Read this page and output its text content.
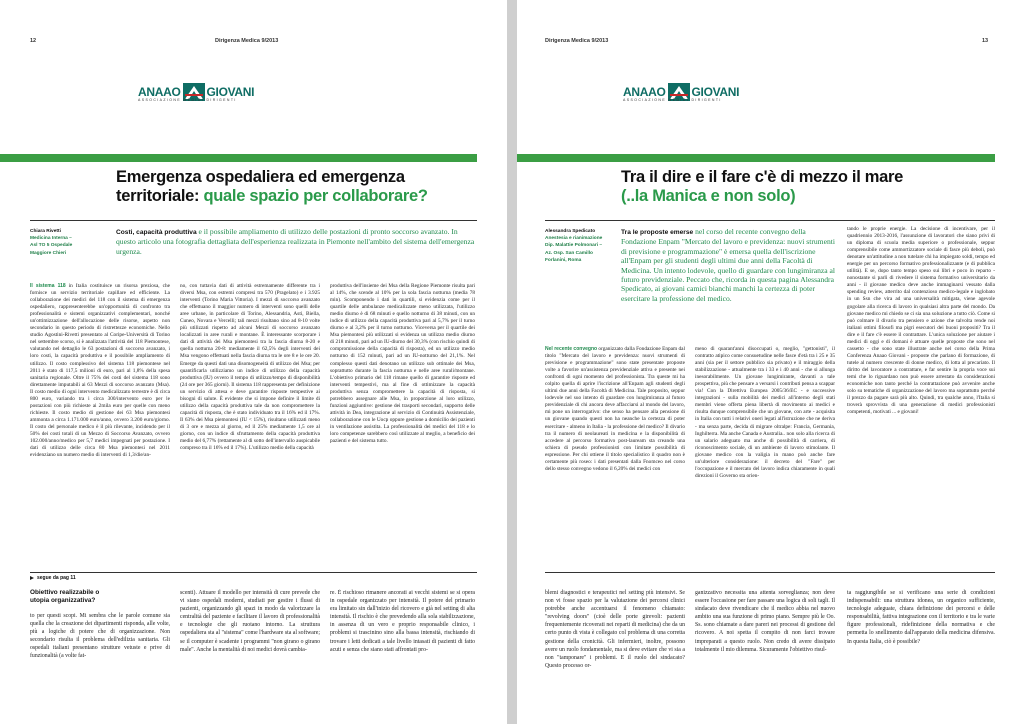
12	Dirigenza Medica 9/2013
ANAAO GIOVANI
ASSOCIAZIONE MEDICI DIRIGENTI
Emergenza ospedaliera ed emergenza
territoriale: quale spazio per collaborare?
Chiara Rivetti
Medicina Interna –
Asl TO 5 Ospedale
Maggiore Chieri
Costi, capacità produttiva e il possibile ampliamento di utilizzo delle postazioni di pronto soccorso avanzato. In questo articolo una fotografia dettagliata dell'esperienza realizzata in Piemonte nell'ambito del sistema dell'emergenza urgenza.
Il sistema 118 in Italia costituisce un risorsa preziosa, che fornisce un servizio territoriale capillare ed efficiente. La collaborazione dei medici del 118 con il sistema di emergenza ospedaliero, rappresenterebbe un'opportunità di confronto tra professionalità e sistemi organizzativi complementari, nonché un'ottimizzazione dell'allocazione delle risorse, aspetto non secondario in questo periodo di ristrettezze economiche. Nello studio Agostini-Rivetti presentato al Coripe-Università di Torino nel settembre scorso, si è analizzata l'attività del 118 Piemontese, valutando nel dettaglio le 63 postazioni di soccorso avanzato, i loro costi, la capacità produttiva e il possibile ampliamento di utilizzo. Il costo complessivo del sistema 118 piemontese nel 2011 è stato di 117,5 milioni di euro, pari al 1,8% della spesa sanitaria regionale. Oltre il 75% dei costi del sistema 118 sono direttamente imputabili ai 63 Mezzi di soccorso avanzato (Msa). Il costo medio di ogni intervento medicalizzato terrestre è di circa 800 euro, variando tra i circa 300/intervento euro per le postazioni con più richieste ai 2mila euro per quelle con meno richieste. Il costo medio di gestione dei 63 Msa piemontesi ammonta a circa 1.171.000 euro/anno, ovvero 3.200 euro/giorno. Il costo del personale medico è il più rilevante, incidendo per il 50% dei costi totali di un Mezzo di Soccorso Avanzato, ovvero 102.000/anno/medico per 5,7 medici impegnati per postazione. I dati di utilizzo delle circa 80 Msa piemontesi nel 2011 evidenziano un numero medio di interventi di 1,3/die/an-
no, con tuttavia dati di attività estremamente differente tra i diversi Msa, con estremi compresi tra 570 (Pragelato) e i 3.925 interventi (Torino Maria Vittoria). I mezzi di soccorso avanzato che effettuano il maggior numero di interventi sono quelli delle aree urbane, in particolare di Torino, Alessandria, Asti, Biella, Cuneo, Novara e Vercelli; tali mezzi risultano sino ad 8-10 volte più utilizzati rispetto ad alcuni Mezzi di soccorso avanzato localizzati in aree rurali e montane. È interessante scorporare i dati di attività dei Msa piemontesi tra la fascia diurna 8-20 e quella notturna 20-8: mediamente il 62,5% degli interventi dei Msa vengono effettuati nella fascia diurna tra le ore 8 e le ore 20. Emerge da questi dati una disomogeneità di utilizzo dei Msa; per quantificarla utilizziamo un indice di utilizzo della capacità produttiva (IU) ovvero il tempo di utilizzo/tempo di disponibilità (24 ore per 365 giorni). Il sistema 118 rappresenta per definizione un servizio di attesa e deve garantire risposte tempestive ai bisogni di salute. È evidente che si impone definire il limite di utilizzo della capacità produttiva tale da non compromettere la capacità di risposta, che è stato individuato tra il 16% ed il 17%. Il 63% dei Msa piemontesi (IU < 15%), risultano utilizzati meno di 3 ore e mezza al giorno, ed il 25% mediamente 1,5 ore al giorno, con un indice di sfruttamento della capacità produttiva medio del 6,77% (rettamente al di sotto dell'intervallo auspicabile compreso tra il 16% ed il 17%). L'utilizzo medio della capacità
produttiva dell'insieme dei Msa della Regione Piemonte risulta pari al 14%, che scende al 10% per la sola fascia notturna (media 78 min). Scomponendo i dati in quartili, si evidenzia come per il quartile delle ambulanze medicalizzate meno utilizzata, l'utilizzo medio diurno è di 68 minuti e quello notturno di 38 minuti, con un indice di utilizzo della capacità produttiva pari al 5,7% per il turno diurno e al 3,2% per il turno notturno. Viceversa per il quartile dei Msa piemontesi più utilizzati si evidenza un utilizzo medio diurno di 218 minuti, pari ad un IU-diurno del 30,3% (con rischio quindi di compromissione della capacità di risposta), ed un utilizzo medio notturno di 152 minuti, pari ad un IU-notturno del 21,1%. Nel complesso questi dati denotano un utilizzo sub ottimale dei Msa, soprattutto durante la fascia notturna e nelle aree rurali/montane. L'obiettivo primario del 118 rimane quello di garantire risposte ed interventi tempestivi, ma al fine di ottimizzare la capacità produttiva senza compromettere la capacità di risposta, si potrebbero assegnare alle Msa, in proporzione al loro utilizzo, funzioni aggiuntive: gestione dei trasporti secondari, supporto delle attività in Dea, integrazione al servizio di Continuità Assistenziale, collaborazione con le Uocp oppure gestione a domicilio dei pazienti in ventilazione assistita. La professionalità dei medici del 118 e lo loro competenze sarebbero così utilizzate al meglio, a beneficio dei pazienti e del sistema tutto.
segue da pag 11
Obiettivo realizzabile o utopia organizzativa?
to per questi scopi. Mi sembra che le parole comune sia quella che la creazione dei dipartimenti risponda, alle volte, più a logiche di potere che di organizzazione. Non secondario risulta il problema dell'edilizia sanitaria. Gli ospedali italiani presentano strutture vetuste e prive di funzionalità (a volte fat-
scenti). Attuare il modello per intensità di cure prevede che vi siano ospedali moderni, studiati per gestire i flussi di pazienti, organizzando gli spazi in modo da valorizzare la centralità del paziente e facilitare il lavoro di professionalità e tecnologie che gli ruotano intorno. La struttura ospedaliera sta al "sistema" come l'hardware sta al software; se il computer è scadente i programmi "non girano o girano male". Anche la mentalità di noi medici dovrà cambia-
re. È rischioso rimanere ancorati ai vecchi sistemi se si opera in ospedale organizzato per intensità. Il potere del primario era limitato sin dall'inizio del ricovero e già nel setting di alta intensità. Il rischio è che prevedendo alla sola stabilizzazione, in assenza di un vero e proprio responsabile clinico, i problemi si trascinino sino alla bassa intensità, rischiando di trovare i letti dedicati a tale livello intasati di pazienti di fatto acuti e senza che siano stati affrontati pro-
Dirigenza Medica 9/2013	13
ANAAO GIOVANI
ASSOCIAZIONE MEDICI DIRIGENTI
Tra il dire e il fare c'è di mezzo il mare
(..la Manica e non solo)
Alessandra Spedicato
Anestesia e rianimazione
Dip. Malattie Polmonari –
Az. Osp. San Camillo
Forlanini, Roma
Tra le proposte emerse nel corso del recente convegno della Fondazione Enpam "Mercato del lavoro e previdenza: nuovi strumenti di previsione e programmazione" è emersa quella dell'iscrizione all'Enpam per gli studenti degli ultimi due anni della Facoltà di Medicina. Un intento lodevole, quello di guardare con lungimiranza al futuro previdenziale. Peccato che, ricorda in questa pagina Alessandra Spedicato, ai giovani camici bianchi manchi la certezza di poter esercitare la professione del medico.
Nel recente convegno organizzato dalla Fondazione Enpam dal titolo "Mercato del lavoro e previdenza: nuovi strumenti di previsione e programmazione" sono state presentate proposte volte a favorire un'assistenza previdenziale attiva e presente nei confronti di ogni momento del professionista. Tra queste mi ha colpito quella di aprire l'iscrizione all'Enpam agli studenti degli ultimi due anni della Facoltà di Medicina. Tale proposito, seppur lodevole nel suo intento di guardare con lungimiranza al futuro previdenziale di chi ancora deve affacciarsi al mondo del lavoro, mi pone un interrogativo: che senso ha pensare alla pensione di un giovane quando questi non ha neanche la certezza di poter esercitare - almeno in Italia - la professione del medico? Il divario tra il numero di neolaureati in medicina e la disponibilità di accedere al percorso formativo post-lauream sta creando una schiera di pseudo professionisti con limitate possibilità di espressione. Per chi ottiene il titolo specialistico il quadro non è certamente più roseo: i dati presentati dalla Fnomceo nel corso dello stesso convegno vedono il 6,20% dei medici con
meno di quarant'anni disoccupati o, meglio, "gettonisti", il contratto atipico come consuetudine nelle fasce d'età tra i 25 e 35 anni (sia per il settore pubblico sia privato) e il miraggio della stabilizzazione - attualmente tra i 33 e i 40 anni - che si allunga inesorabilmente. Un giovane lungimirante, davanti a tale prospettiva, più che pensare a versarsi i contributi pensa a scappar via! Con la Direttiva Europea 2005/36/EC - e successive integrazioni - sulla mobilità dei medici all'interno degli stati membri viene offerta piena libertà di movimento ai medici e risulta dunque comprensibile che un giovane, con arte - acquisita in Italia con tutti i relativi oneri legati all'istruzione che ne deriva - ma senza parte, decida di migrare oltralpe: Francia, Germania, Inghilterra. Ma anche Canada e Australia.. non solo alla ricerca di un salario adeguato ma anche di possibilità di carriera, di riconoscimento sociale, di un ambiente di lavoro stimolante. Il giovane medico con la valigia in mano può anche fare un'ulteriore considerazione: il decreto del "Fare" per l'occupazione e il mercato del lavoro indica chiaramente in quali direzioni il Governo sta orien-
tando le proprie energie. La decisione di incentivare, per il quadriennio 2013-2016, l'assunzione di lavoratori che siano privi di un diploma di scuola media superiore o professionale, seppur comprensibile come ammortizzatore sociale di fasce più deboli, può denotare un'attitudine a non tutelare chi ha impiegato soldi, tempo ed energie per un percorso formativo professionalizzante (e di pubblica utilità). E se, dopo tanto tempo speso sui libri e poco in reparto - nonostante si parli di rivedere il sistema formativo universitario da anni - il giovane medico deve anche immaginarsi vessato dalla spending review, atterrito dal contenzioso medico-legale e inglobato in un Ssn che vira ad una universalità mitigata, viene agevole gogolare alla ricerca di lavoro in qualsiasi altra parte del mondo. Da giovane medico mi chiedo se ci sia una soluzione a tutto ciò. Come si può colmare il divario tra pensiero e azione che talvolta rende noi italiani ottimi filosofi ma pigri esecutori dei buoni propositi? Tra il dire e il fare c'è essere il contrattare. L'unica soluzione per aiutare i medici di oggi e di domani è attuare quelle proposte che sono nel cassetto - che sono state illustrate anche nel corso della Prima Conferenza Anaao Giovani - proposte che parlano di formazione, di tutele al numero crescente di donne medico, di lotta al precariato. Il diritto del lavoratore a contrattare, e far sentire la propria voce sui temi che lo riguardano non può essere arrestato da considerazioni economiche non tanto perché la contrattazione può avvenire anche solo su tematiche di organizzazione del lavoro ma soprattutto perché il prezzo da pagare sarà più alto. Quindi, tra qualche anno, l'Italia si troverà sprovvista di una generazione di medici professionisti competenti, motivati ... e giovani!
blemi diagnostici e terapeutici nel setting più intensivi. Se non vi fosse spazio per la valutazione dei percorsi clinici potrebbe anche accentuarsi il fenomeno chiamato: "revolving doors" (cioè delle porte girevoli: pazienti frequentemente ricoverati nei reparti di medicina) che da un certo punto di vista è collegato col problema di una corretta gestione della cronicità. Gli infermieri, inoltre, possono avere un ruolo fondamentale, ma si deve evitare che vi sia a non "tamponare" i problemi. E il ruolo del sindacato? Questo processo or-
ganizzativo necessita una attenta sorveglianza; non deve essere l'occasione per fare passare una logica di soli tagli. Il sindacato deve rivendicare che il medico abbia nel nuovo ambito una sua funzione di primo piano. Sempre più le Oo. Ss. sono chiamate a dare pareri nei processi di gestione del ricovero. A noi spetta il compito di non farci trovare impreparati a questo ruolo. Non credo di avere dissipato totalmente il mio dilemma. Sicuramente l'obiettivo risul-
ta raggiungibile se si verificano una serie di condizioni indispensabili: una struttura idonea, un organico sufficiente, tecnologie adeguate, chiara definizione dei percorsi e delle responsabilità, fattiva integrazione con il territorio e tra le varie figure professionali, ridefinizione della normativa e che permetta lo snellimento dall'apparato della medicina difensiva. In questa Italia, ciò è possibile?
